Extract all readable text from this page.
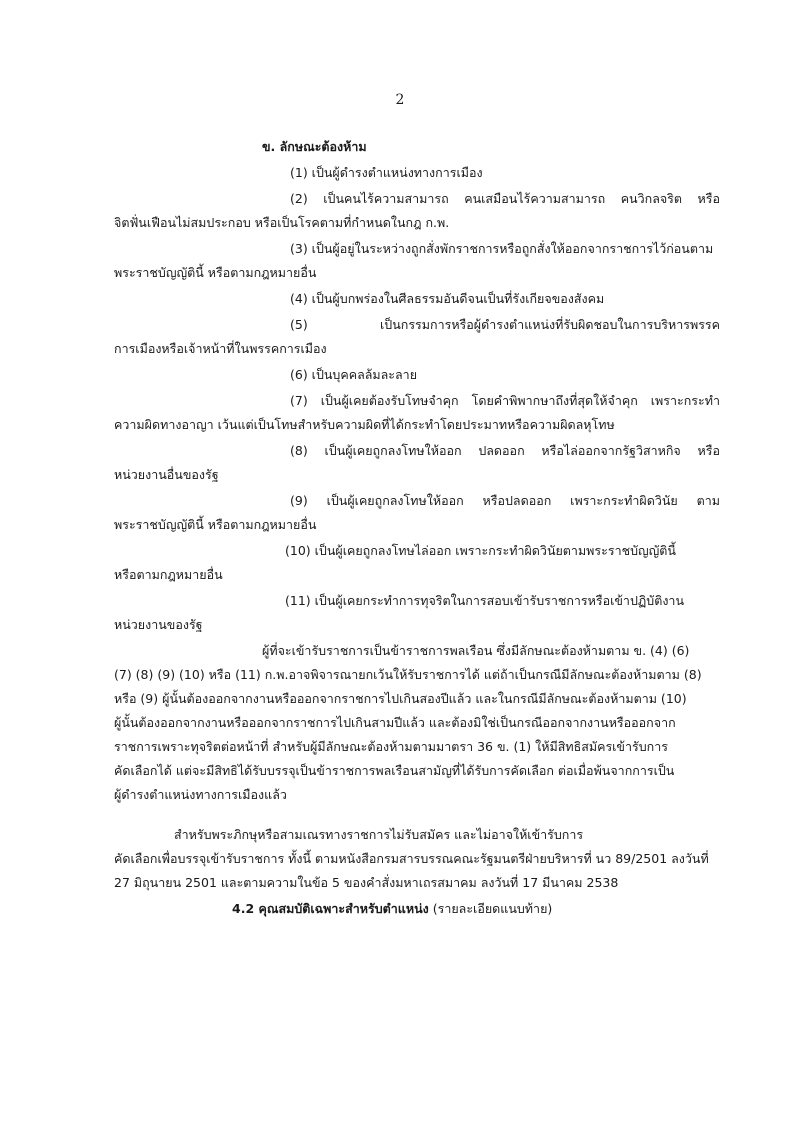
2
ข. ลักษณะต้องห้าม
(1) เป็นผู้ดำรงตำแหน่งทางการเมือง
(2) เป็นคนไร้ความสามารถ คนเสมือนไร้ความสามารถ คนวิกลจริต หรือ
จิตฟั่นเฟือนไม่สมประกอบ หรือเป็นโรคตามที่กำหนดในกฎ ก.พ.
(3) เป็นผู้อยู่ในระหว่างถูกสั่งพักราชการหรือถูกสั่งให้ออกจากราชการไว้ก่อนตาม
พระราชบัญญัตินี้ หรือตามกฎหมายอื่น
(4) เป็นผู้บกพร่องในศีลธรรมอันดีจนเป็นที่รังเกียจของสังคม
(5) เป็นกรรมการหรือผู้ดำรงตำแหน่งที่รับผิดชอบในการบริหารพรรค
การเมืองหรือเจ้าหน้าที่ในพรรคการเมือง
(6) เป็นบุคคลล้มละลาย
(7) เป็นผู้เคยต้องรับโทษจำคุก โดยคำพิพากษาถึงที่สุดให้จำคุก เพราะกระทำ
ความผิดทางอาญา เว้นแต่เป็นโทษสำหรับความผิดที่ได้กระทำโดยประมาทหรือความผิดลหุโทษ
(8) เป็นผู้เคยถูกลงโทษให้ออก ปลดออก หรือไล่ออกจากรัฐวิสาหกิจ หรือ
หน่วยงานอื่นของรัฐ
(9) เป็นผู้เคยถูกลงโทษให้ออก หรือปลดออก เพราะกระทำผิดวินัย ตาม
พระราชบัญญัตินี้ หรือตามกฎหมายอื่น
(10) เป็นผู้เคยถูกลงโทษไล่ออก เพราะกระทำผิดวินัยตามพระราชบัญญัตินี้
หรือตามกฎหมายอื่น
(11) เป็นผู้เคยกระทำการทุจริตในการสอบเข้ารับราชการหรือเข้าปฏิบัติงาน
หน่วยงานของรัฐ
ผู้ที่จะเข้ารับราชการเป็นข้าราชการพลเรือน ซึ่งมีลักษณะต้องห้ามตาม ข. (4) (6)
(7) (8) (9) (10) หรือ (11) ก.พ.อาจพิจารณายกเว้นให้รับราชการได้ แต่ถ้าเป็นกรณีมีลักษณะต้องห้ามตาม (8)
หรือ (9) ผู้นั้นต้องออกจากงานหรือออกจากราชการไปเกินสองปีแล้ว และในกรณีมีลักษณะต้องห้ามตาม (10)
ผู้นั้นต้องออกจากงานหรือออกจากราชการไปเกินสามปีแล้ว และต้องมิใช่เป็นกรณีออกจากงานหรือออกจาก
ราชการเพราะทุจริตต่อหน้าที่ สำหรับผู้มีลักษณะต้องห้ามตามมาตรา 36 ข. (1) ให้มีสิทธิสมัครเข้ารับการ
คัดเลือกได้ แต่จะมีสิทธิได้รับบรรจุเป็นข้าราชการพลเรือนสามัญที่ได้รับการคัดเลือก ต่อเมื่อพ้นจากการเป็น
ผู้ดำรงตำแหน่งทางการเมืองแล้ว
สำหรับพระภิกษุหรือสามเณรทางราชการไม่รับสมัคร และไม่อาจให้เข้ารับการ
คัดเลือกเพื่อบรรจุเข้ารับราชการ ทั้งนี้ ตามหนังสือกรมสารบรรณคณะรัฐมนตรีฝ่ายบริหารที่ นว 89/2501 ลงวันที่
27 มิถุนายน 2501 และตามความในข้อ 5 ของคำสั่งมหาเถรสมาคม ลงวันที่ 17 มีนาคม 2538
4.2 คุณสมบัติเฉพาะสำหรับตำแหน่ง (รายละเอียดแนบท้าย)
